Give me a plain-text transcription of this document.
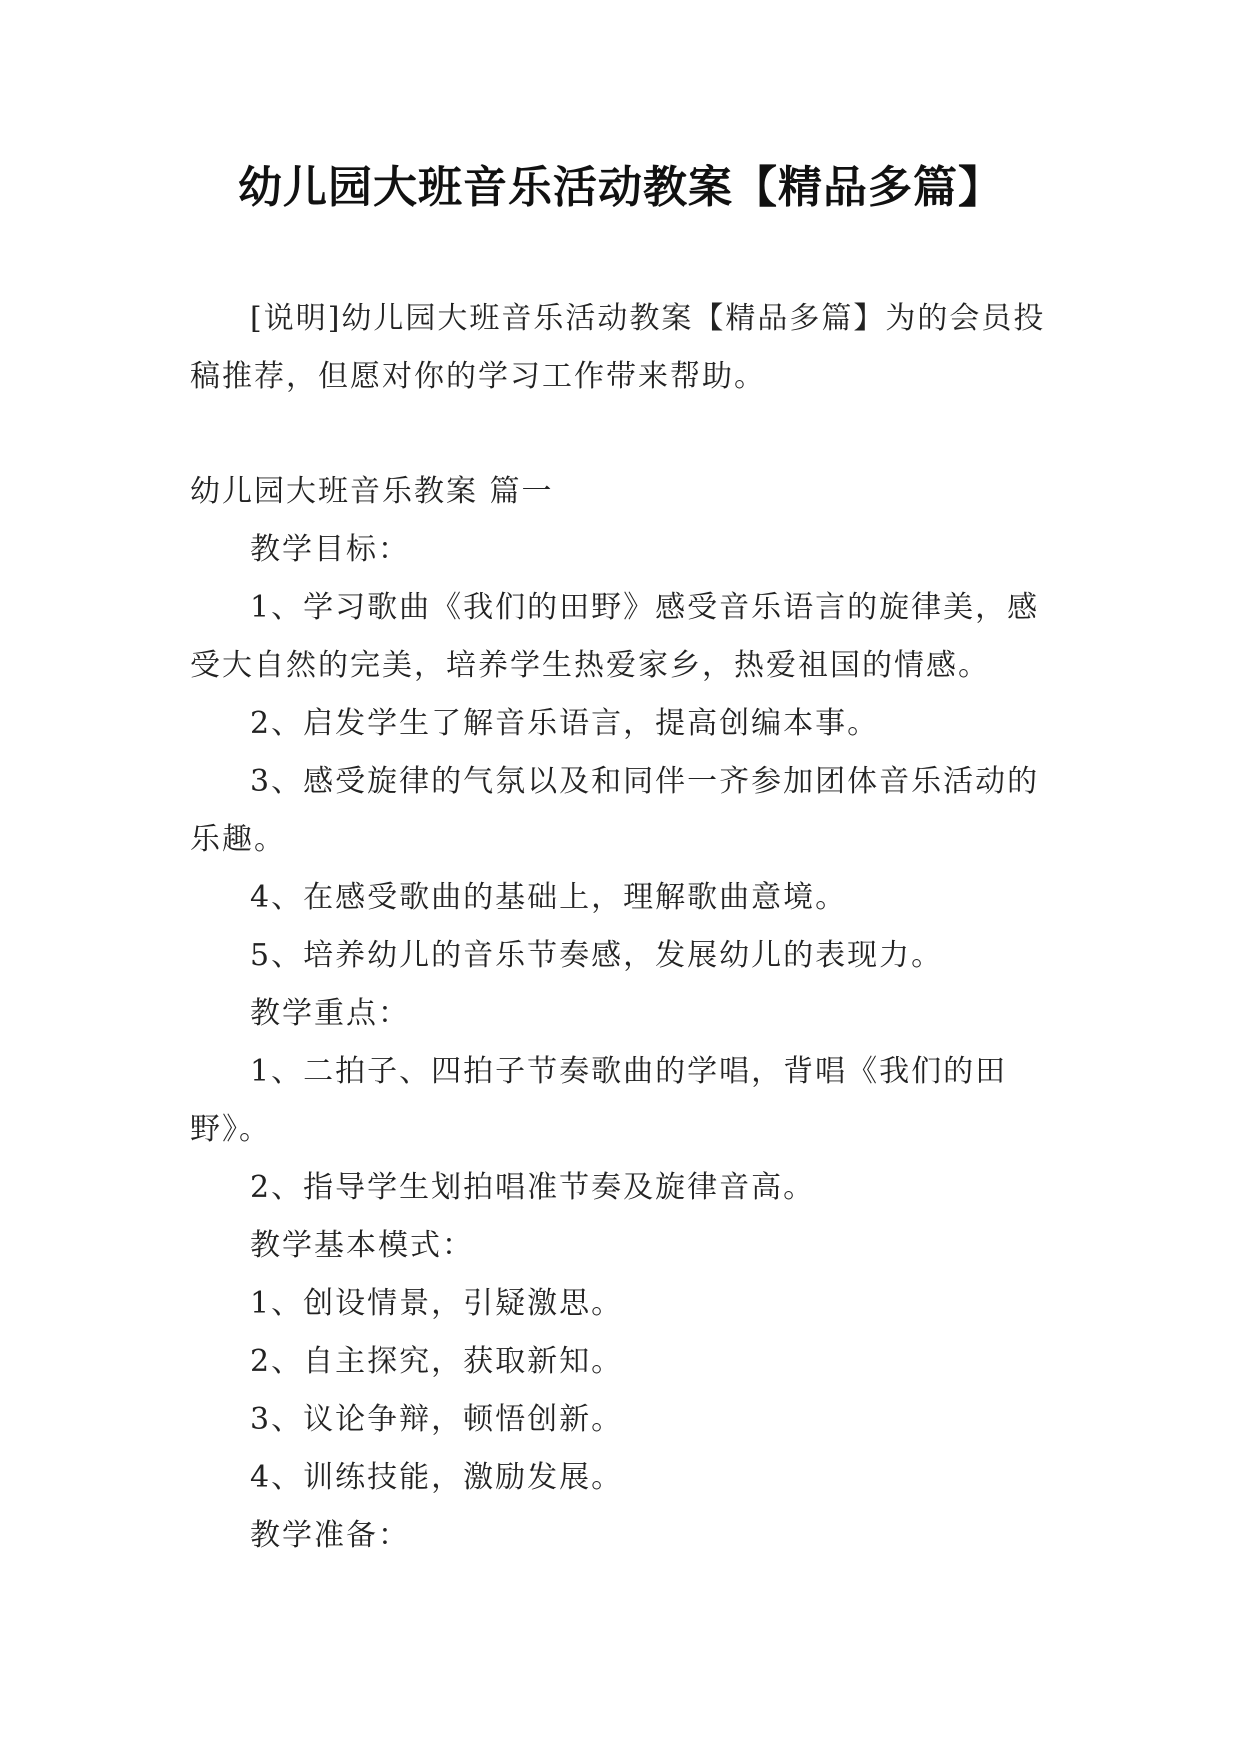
幼儿园大班音乐活动教案【精品多篇】

[说明]幼儿园大班音乐活动教案【精品多篇】为的会员投稿推荐，但愿对你的学习工作带来帮助。

幼儿园大班音乐教案 篇一

教学目标：

1、学习歌曲《我们的田野》感受音乐语言的旋律美，感受大自然的完美，培养学生热爱家乡，热爱祖国的情感。

2、启发学生了解音乐语言，提高创编本事。

3、感受旋律的气氛以及和同伴一齐参加团体音乐活动的乐趣。

4、在感受歌曲的基础上，理解歌曲意境。

5、培养幼儿的音乐节奏感，发展幼儿的表现力。

教学重点：

1、二拍子、四拍子节奏歌曲的学唱，背唱《我们的田野》。

2、指导学生划拍唱准节奏及旋律音高。

教学基本模式：

1、创设情景，引疑激思。

2、自主探究，获取新知。

3、议论争辩，顿悟创新。

4、训练技能，激励发展。

教学准备：
